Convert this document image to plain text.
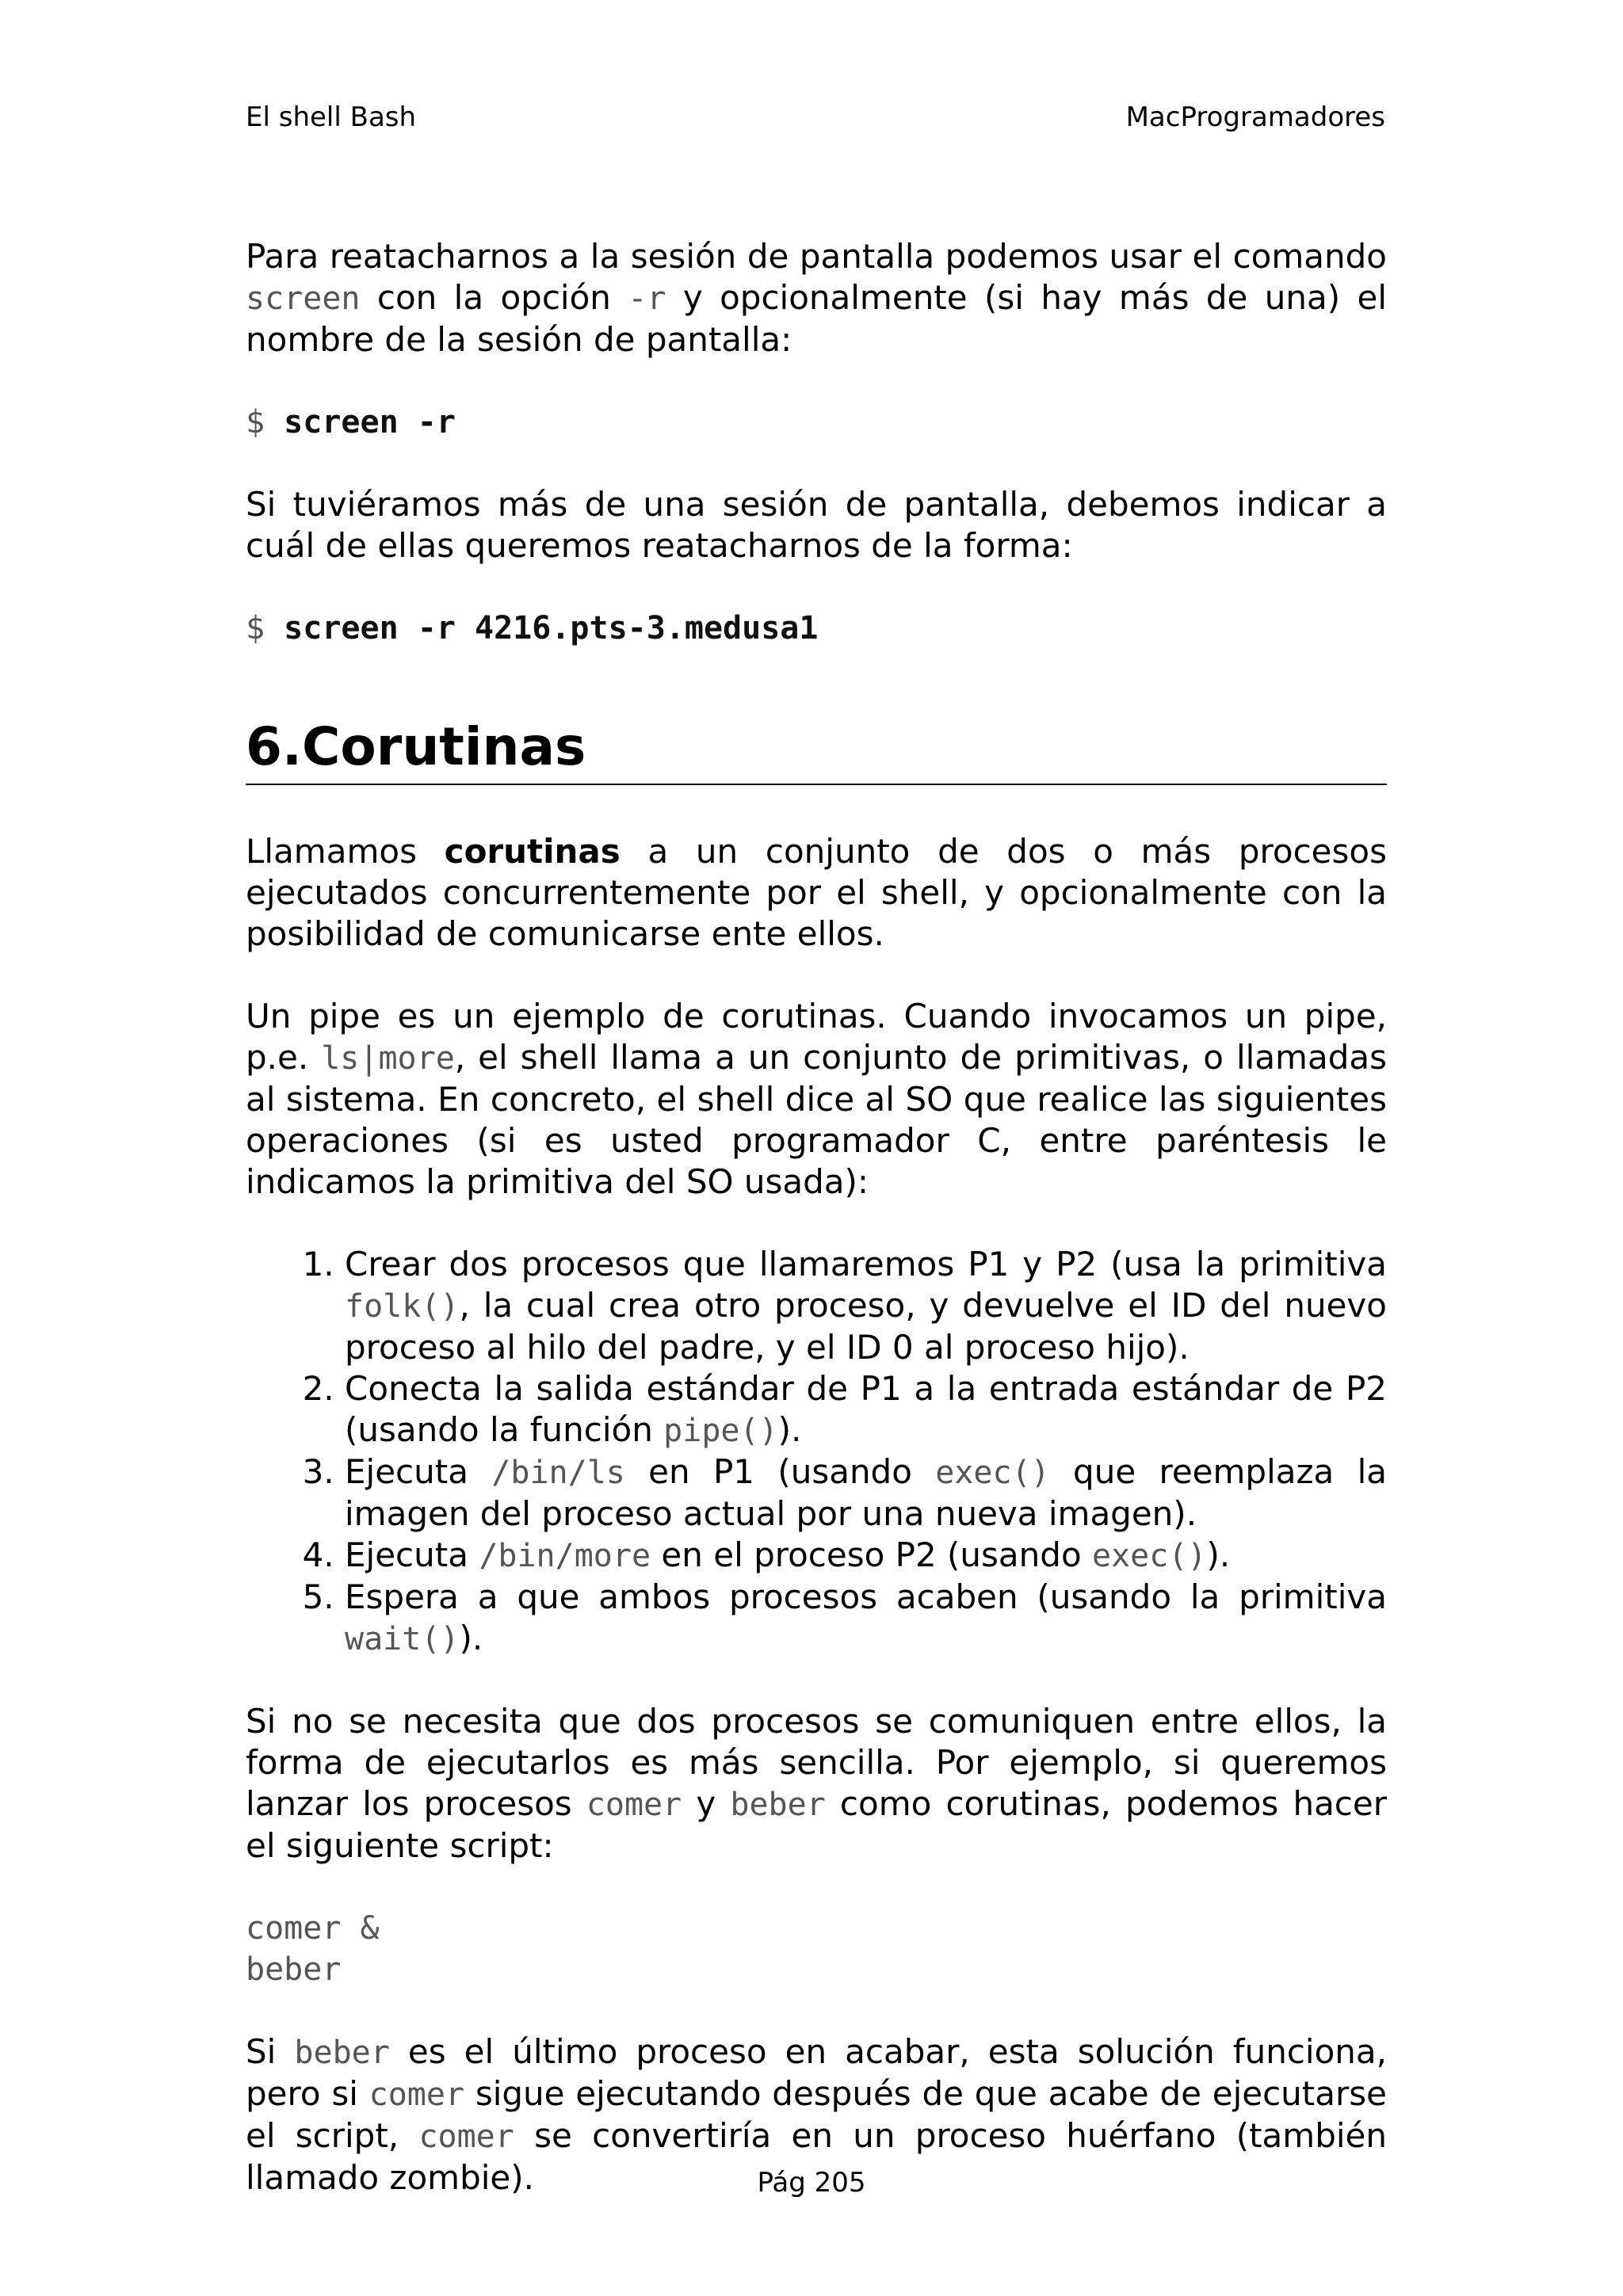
El shell Bash	MacProgramadores

Para reatacharnos a la sesión de pantalla podemos usar el comando screen con la opción -r y opcionalmente (si hay más de una) el nombre de la sesión de pantalla:

$ screen -r

Si tuviéramos más de una sesión de pantalla, debemos indicar a cuál de ellas queremos reatacharnos de la forma:

$ screen -r 4216.pts-3.medusa1

6.Corutinas

Llamamos corutinas a un conjunto de dos o más procesos ejecutados concurrentemente por el shell, y opcionalmente con la posibilidad de comunicarse ente ellos.

Un pipe es un ejemplo de corutinas. Cuando invocamos un pipe, p.e. ls|more, el shell llama a un conjunto de primitivas, o llamadas al sistema. En concreto, el shell dice al SO que realice las siguientes operaciones (si es usted programador C, entre paréntesis le indicamos la primitiva del SO usada):

1. Crear dos procesos que llamaremos P1 y P2 (usa la primitiva folk(), la cual crea otro proceso, y devuelve el ID del nuevo proceso al hilo del padre, y el ID 0 al proceso hijo).
2. Conecta la salida estándar de P1 a la entrada estándar de P2 (usando la función pipe()).
3. Ejecuta /bin/ls en P1 (usando exec() que reemplaza la imagen del proceso actual por una nueva imagen).
4. Ejecuta /bin/more en el proceso P2 (usando exec()).
5. Espera a que ambos procesos acaben (usando la primitiva wait()).

Si no se necesita que dos procesos se comuniquen entre ellos, la forma de ejecutarlos es más sencilla. Por ejemplo, si queremos lanzar los procesos comer y beber como corutinas, podemos hacer el siguiente script:

comer &
beber

Si beber es el último proceso en acabar, esta solución funciona, pero si comer sigue ejecutando después de que acabe de ejecutarse el script, comer se convertiría en un proceso huérfano (también llamado zombie).	Pág 205
